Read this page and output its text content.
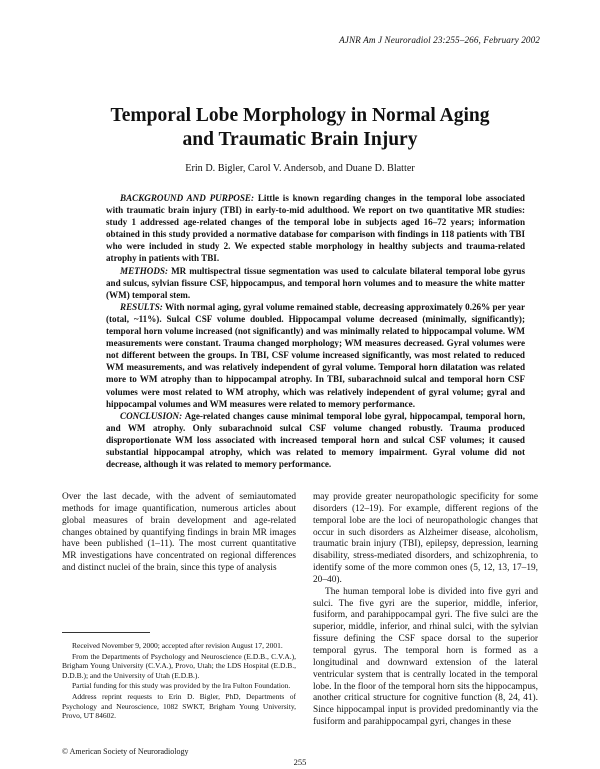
AJNR Am J Neuroradiol 23:255–266, February 2002
Temporal Lobe Morphology in Normal Aging
and Traumatic Brain Injury
Erin D. Bigler, Carol V. Andersob, and Duane D. Blatter

BACKGROUND AND PURPOSE: Little is known regarding changes in the temporal lobe associated with traumatic brain injury (TBI) in early-to-mid adulthood. We report on two quantitative MR studies: study 1 addressed age-related changes of the temporal lobe in subjects aged 16–72 years; information obtained in this study provided a normative database for comparison with findings in 118 patients with TBI who were included in study 2. We expected stable morphology in healthy subjects and trauma-related atrophy in patients with TBI.

METHODS: MR multispectral tissue segmentation was used to calculate bilateral temporal lobe gyrus and sulcus, sylvian fissure CSF, hippocampus, and temporal horn volumes and to measure the white matter (WM) temporal stem.

RESULTS: With normal aging, gyral volume remained stable, decreasing approximately 0.26% per year (total, ~11%). Sulcal CSF volume doubled. Hippocampal volume decreased (minimally, significantly); temporal horn volume increased (not significantly) and was minimally related to hippocampal volume. WM measurements were constant. Trauma changed morphology; WM measures decreased. Gyral volumes were not different between the groups. In TBI, CSF volume increased significantly, was most related to reduced WM measurements, and was relatively independent of gyral volume. Temporal horn dilatation was related more to WM atrophy than to hippocampal atrophy. In TBI, subarachnoid sulcal and temporal horn CSF volumes were most related to WM atrophy, which was relatively independent of gyral volume; gyral and hippocampal volumes and WM measures were related to memory performance.

CONCLUSION: Age-related changes cause minimal temporal lobe gyral, hippocampal, temporal horn, and WM atrophy. Only subarachnoid sulcal CSF volume changed robustly. Trauma produced disproportionate WM loss associated with increased temporal horn and sulcal CSF volumes; it caused substantial hippocampal atrophy, which was related to memory impairment. Gyral volume did not decrease, although it was related to memory performance.

Over the last decade, with the advent of semiautomated methods for image quantification, numerous articles about global measures of brain development and age-related changes obtained by quantifying findings in brain MR images have been published (1–11). The most current quantitative MR investigations have concentrated on regional differences and distinct nuclei of the brain, since this type of analysis

may provide greater neuropathologic specificity for some disorders (12–19). For example, different regions of the temporal lobe are the loci of neuropathologic changes that occur in such disorders as Alzheimer disease, alcoholism, traumatic brain injury (TBI), epilepsy, depression, learning disability, stress-mediated disorders, and schizophrenia, to identify some of the more common ones (5, 12, 13, 17–19, 20–40).

The human temporal lobe is divided into five gyri and sulci. The five gyri are the superior, middle, inferior, fusiform, and parahippocampal gyri. The five sulci are the superior, middle, inferior, and rhinal sulci, with the sylvian fissure defining the CSF space dorsal to the superior temporal gyrus. The temporal horn is formed as a longitudinal and downward extension of the lateral ventricular system that is centrally located in the temporal lobe. In the floor of the temporal horn sits the hippocampus, another critical structure for cognitive function (8, 24, 41). Since hippocampal input is provided predominantly via the fusiform and parahippocampal gyri, changes in these

Received November 9, 2000; accepted after revision August 17, 2001.

From the Departments of Psychology and Neuroscience (E.D.B., C.V.A.), Brigham Young University (C.V.A.), Provo, Utah; the LDS Hospital (E.D.B., D.D.B.); and the University of Utah (E.D.B.).

Partial funding for this study was provided by the Ira Fulton Foundation.

Address reprint requests to Erin D. Bigler, PhD, Departments of Psychology and Neuroscience, 1082 SWKT, Brigham Young University, Provo, UT 84602.

© American Society of Neuroradiology
255
